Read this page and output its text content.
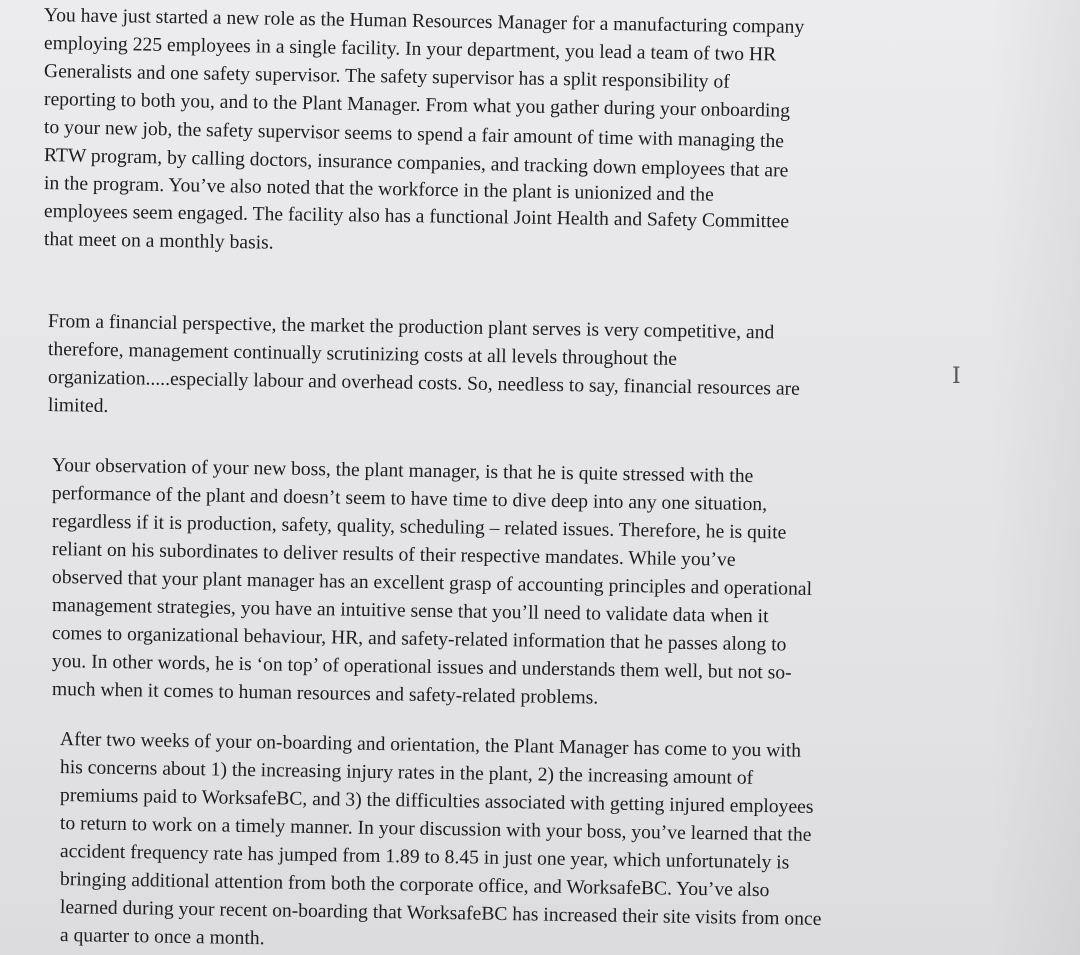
You have just started a new role as the Human Resources Manager for a manufacturing company
employing 225 employees in a single facility. In your department, you lead a team of two HR
Generalists and one safety supervisor. The safety supervisor has a split responsibility of
reporting to both you, and to the Plant Manager. From what you gather during your onboarding
to your new job, the safety supervisor seems to spend a fair amount of time with managing the
RTW program, by calling doctors, insurance companies, and tracking down employees that are
in the program. You’ve also noted that the workforce in the plant is unionized and the
employees seem engaged. The facility also has a functional Joint Health and Safety Committee
that meet on a monthly basis.

From a financial perspective, the market the production plant serves is very competitive, and
therefore, management continually scrutinizing costs at all levels throughout the
organization.....especially labour and overhead costs. So, needless to say, financial resources are
limited.

Your observation of your new boss, the plant manager, is that he is quite stressed with the
performance of the plant and doesn’t seem to have time to dive deep into any one situation,
regardless if it is production, safety, quality, scheduling – related issues. Therefore, he is quite
reliant on his subordinates to deliver results of their respective mandates. While you’ve
observed that your plant manager has an excellent grasp of accounting principles and operational
management strategies, you have an intuitive sense that you’ll need to validate data when it
comes to organizational behaviour, HR, and safety-related information that he passes along to
you. In other words, he is ‘on top’ of operational issues and understands them well, but not so-
much when it comes to human resources and safety-related problems.

After two weeks of your on-boarding and orientation, the Plant Manager has come to you with
his concerns about 1) the increasing injury rates in the plant, 2) the increasing amount of
premiums paid to WorksafeBC, and 3) the difficulties associated with getting injured employees
to return to work on a timely manner. In your discussion with your boss, you’ve learned that the
accident frequency rate has jumped from 1.89 to 8.45 in just one year, which unfortunately is
bringing additional attention from both the corporate office, and WorksafeBC. You’ve also
learned during your recent on-boarding that WorksafeBC has increased their site visits from once
a quarter to once a month.

I
